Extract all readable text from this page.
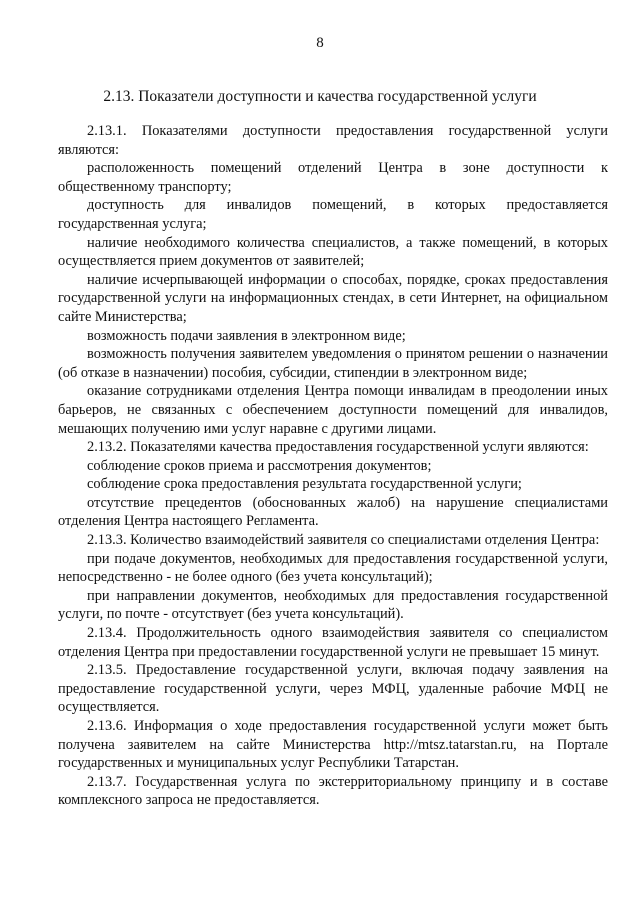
8
2.13. Показатели доступности и качества государственной услуги

2.13.1. Показателями доступности предоставления государственной услуги являются:

расположенность помещений отделений Центра в зоне доступности к общественному транспорту;

доступность для инвалидов помещений, в которых предоставляется государственная услуга;

наличие необходимого количества специалистов, а также помещений, в которых осуществляется прием документов от заявителей;

наличие исчерпывающей информации о способах, порядке, сроках предоставления государственной услуги на информационных стендах, в сети Интернет, на официальном сайте Министерства;

возможность подачи заявления в электронном виде;

возможность получения заявителем уведомления о принятом решении о назначении (об отказе в назначении) пособия, субсидии, стипендии в электронном виде;

оказание сотрудниками отделения Центра помощи инвалидам в преодолении иных барьеров, не связанных с обеспечением доступности помещений для инвалидов, мешающих получению ими услуг наравне с другими лицами.

2.13.2. Показателями качества предоставления государственной услуги являются:

соблюдение сроков приема и рассмотрения документов;

соблюдение срока предоставления результата государственной услуги;

отсутствие прецедентов (обоснованных жалоб) на нарушение специалистами отделения Центра настоящего Регламента.

2.13.3. Количество взаимодействий заявителя со специалистами отделения Центра:

при подаче документов, необходимых для предоставления государственной услуги, непосредственно - не более одного (без учета консультаций);

при направлении документов, необходимых для предоставления государственной услуги, по почте - отсутствует (без учета консультаций).

2.13.4. Продолжительность одного взаимодействия заявителя со специалистом отделения Центра при предоставлении государственной услуги не превышает 15 минут.

2.13.5. Предоставление государственной услуги, включая подачу заявления на предоставление государственной услуги, через МФЦ, удаленные рабочие МФЦ не осуществляется.

2.13.6. Информация о ходе предоставления государственной услуги может быть получена заявителем на сайте Министерства http://mtsz.tatarstan.ru, на Портале государственных и муниципальных услуг Республики Татарстан.

2.13.7. Государственная услуга по экстерриториальному принципу и в составе комплексного запроса не предоставляется.
